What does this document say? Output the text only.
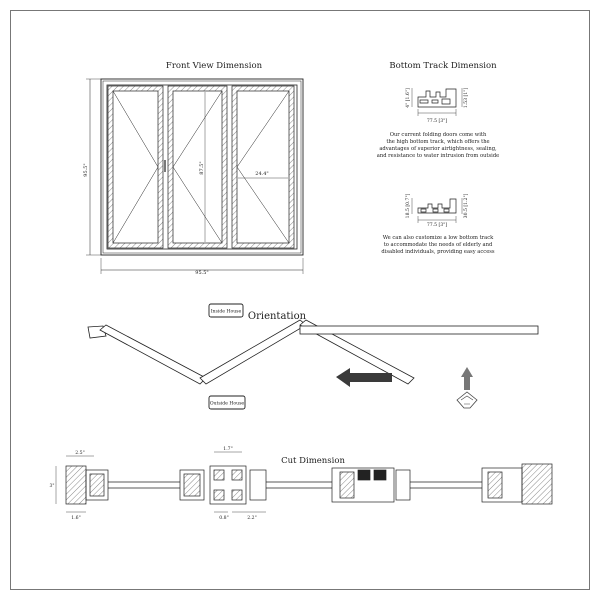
Front View Dimension
95.5"
95.5"
87.5"	24.4"
Bottom Track Dimension
4" [1.6"]	1.53 [1"]
77.5 [3"]
Our current folding doors come with
the high bottom track, which offers the
advantages of superior airtightness, sealing,
and resistance to water intrusion from outside
18.5 [0.7"]	30.5 [1.2"]
77.5 [3"]
We can also customize a low bottom track
to accommodate the needs of elderly and
disabled individuals, providing easy access
Orientation
Inside House
Outside House
Cut Dimension
2.5"
3"
1.6"
1.7"
0.8"	2.2"
